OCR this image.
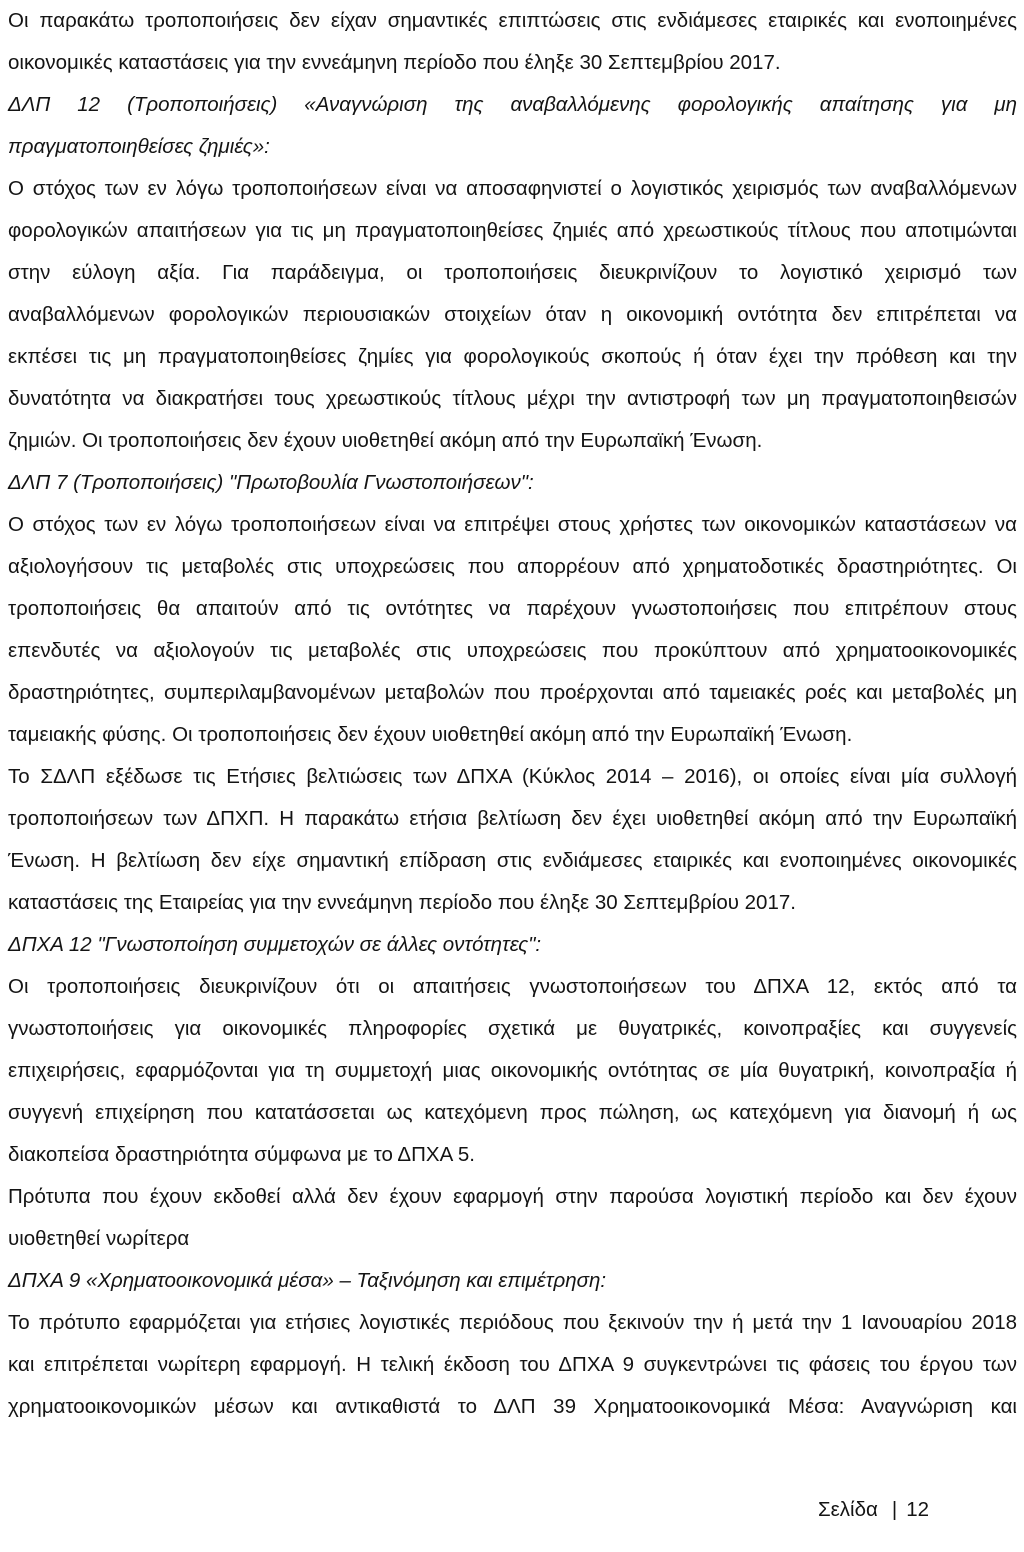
Οι παρακάτω τροποποιήσεις δεν είχαν σημαντικές επιπτώσεις στις ενδιάμεσες εταιρικές και ενοποιημένες
οικονομικές καταστάσεις για την εννεάμηνη περίοδο που έληξε 30 Σεπτεμβρίου 2017.
ΔΛΠ 12 (Τροποποιήσεις) «Αναγνώριση της αναβαλλόμενης φορολογικής απαίτησης για μη
πραγματοποιηθείσες ζημιές»:
Ο στόχος των εν λόγω τροποποιήσεων είναι να αποσαφηνιστεί ο λογιστικός χειρισμός των αναβαλλόμενων
φορολογικών απαιτήσεων για τις μη πραγματοποιηθείσες ζημιές από χρεωστικούς τίτλους που αποτιμώνται
στην εύλογη αξία. Για παράδειγμα, οι τροποποιήσεις διευκρινίζουν το λογιστικό χειρισμό των
αναβαλλόμενων φορολογικών περιουσιακών στοιχείων όταν η οικονομική οντότητα δεν επιτρέπεται να
εκπέσει τις μη πραγματοποιηθείσες ζημίες για φορολογικούς σκοπούς ή όταν έχει την πρόθεση και την
δυνατότητα να διακρατήσει τους χρεωστικούς τίτλους μέχρι την αντιστροφή των μη πραγματοποιηθεισών
ζημιών. Οι τροποποιήσεις δεν έχουν υιοθετηθεί ακόμη από την Ευρωπαϊκή Ένωση.
ΔΛΠ 7 (Τροποποιήσεις) "Πρωτοβουλία Γνωστοποιήσεων":
Ο στόχος των εν λόγω τροποποιήσεων είναι να επιτρέψει στους χρήστες των οικονομικών καταστάσεων να
αξιολογήσουν τις μεταβολές στις υποχρεώσεις που απορρέουν από χρηματοδοτικές δραστηριότητες. Οι
τροποποιήσεις θα απαιτούν από τις οντότητες να παρέχουν γνωστοποιήσεις που επιτρέπουν στους
επενδυτές να αξιολογούν τις μεταβολές στις υποχρεώσεις που προκύπτουν από χρηματοοικονομικές
δραστηριότητες, συμπεριλαμβανομένων μεταβολών που προέρχονται από ταμειακές ροές και μεταβολές μη
ταμειακής φύσης. Οι τροποποιήσεις δεν έχουν υιοθετηθεί ακόμη από την Ευρωπαϊκή Ένωση.
Το ΣΔΛΠ εξέδωσε τις Ετήσιες βελτιώσεις των ΔΠΧΑ (Κύκλος 2014 – 2016), οι οποίες είναι μία συλλογή
τροποποιήσεων των ΔΠΧΠ. Η παρακάτω ετήσια βελτίωση δεν έχει υιοθετηθεί ακόμη από την Ευρωπαϊκή
Ένωση. Η βελτίωση δεν είχε σημαντική επίδραση στις ενδιάμεσες εταιρικές και ενοποιημένες οικονομικές
καταστάσεις της Εταιρείας για την εννεάμηνη περίοδο που έληξε 30 Σεπτεμβρίου 2017.
ΔΠΧΑ 12 "Γνωστοποίηση συμμετοχών σε άλλες οντότητες":
Οι τροποποιήσεις διευκρινίζουν ότι οι απαιτήσεις γνωστοποιήσεων του ΔΠΧΑ 12, εκτός από τα
γνωστοποιήσεις για οικονομικές πληροφορίες σχετικά με θυγατρικές, κοινοπραξίες και συγγενείς
επιχειρήσεις, εφαρμόζονται για τη συμμετοχή μιας οικονομικής οντότητας σε μία θυγατρική, κοινοπραξία ή
συγγενή επιχείρηση που κατατάσσεται ως κατεχόμενη προς πώληση, ως κατεχόμενη για διανομή ή ως
διακοπείσα δραστηριότητα σύμφωνα με το ΔΠΧΑ 5.
Πρότυπα που έχουν εκδοθεί αλλά δεν έχουν εφαρμογή στην παρούσα λογιστική περίοδο και δεν έχουν
υιοθετηθεί νωρίτερα
ΔΠΧΑ 9 «Χρηματοοικονομικά μέσα» – Ταξινόμηση και επιμέτρηση:
Το πρότυπο εφαρμόζεται για ετήσιες λογιστικές περιόδους που ξεκινούν την ή μετά την 1 Ιανουαρίου 2018
και επιτρέπεται νωρίτερη εφαρμογή. Η τελική έκδοση του ΔΠΧΑ 9 συγκεντρώνει τις φάσεις του έργου των
χρηματοοικονομικών μέσων και αντικαθιστά το ΔΛΠ 39 Χρηματοοικονομικά Μέσα: Αναγνώριση και
Σελίδα | 12
